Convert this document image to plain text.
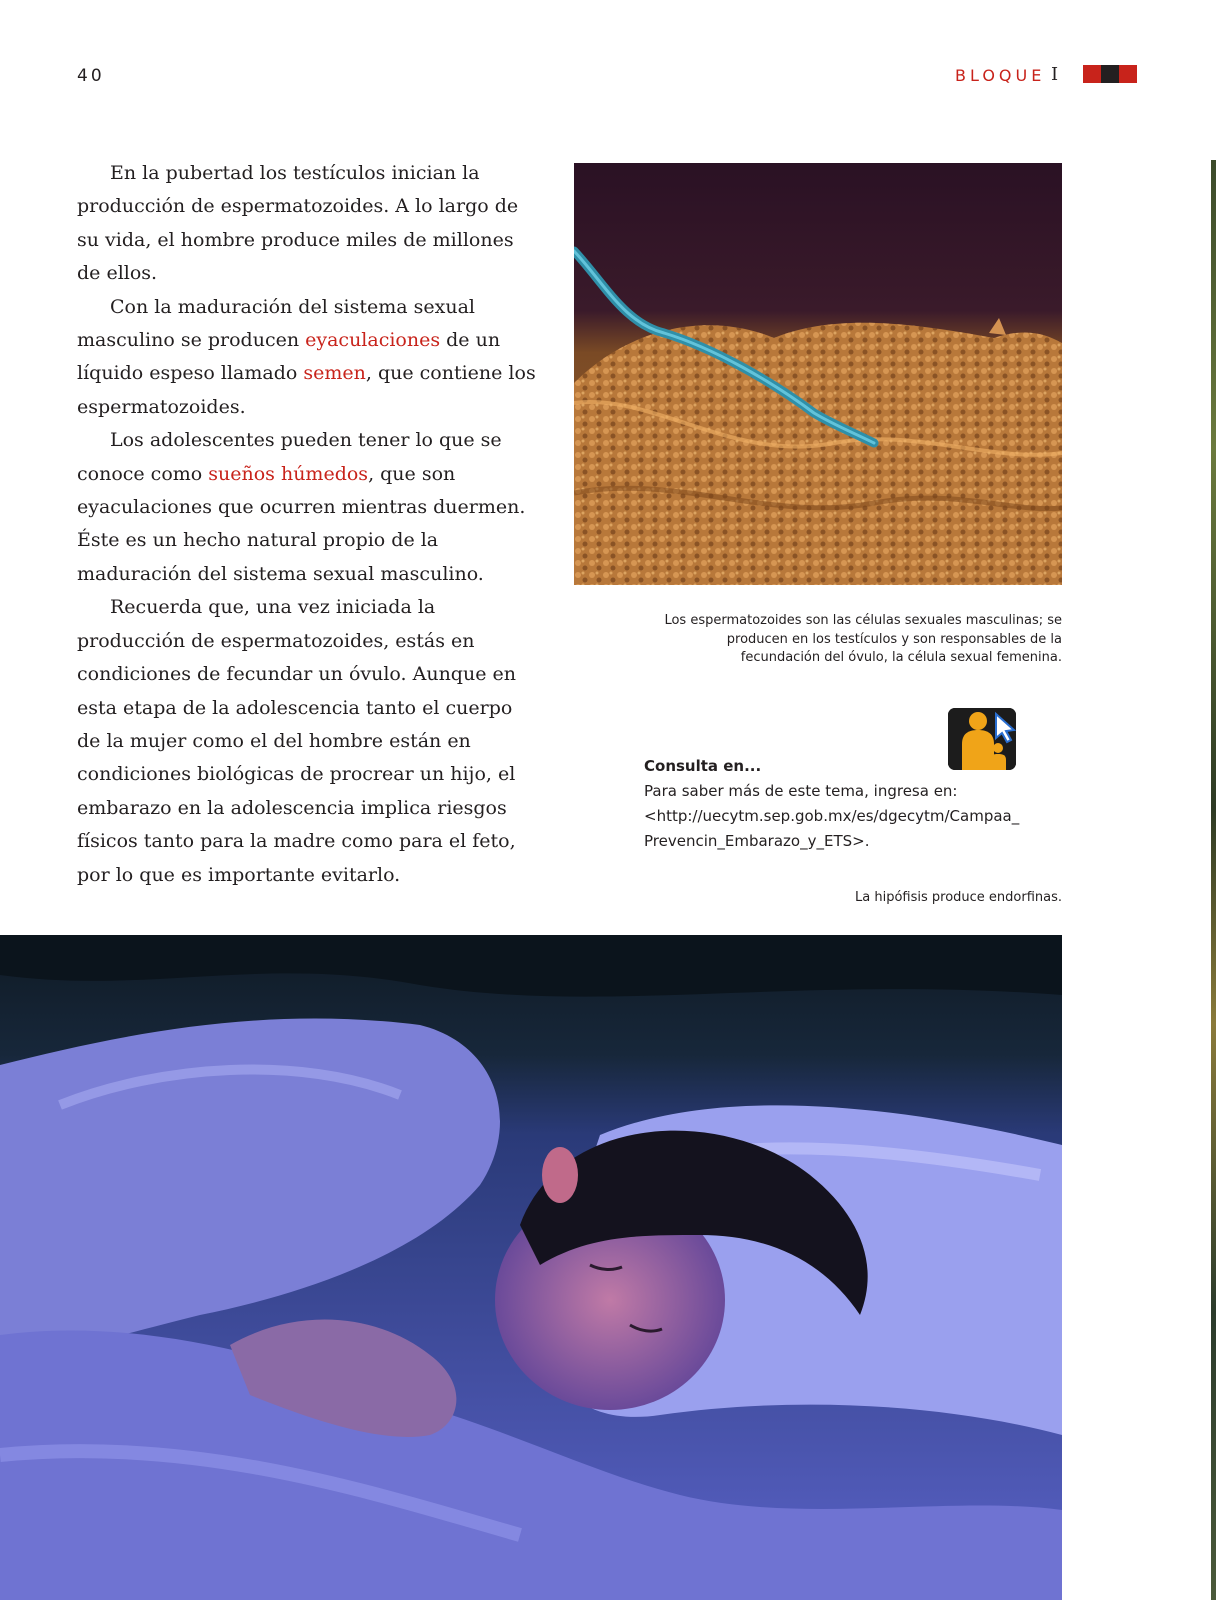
40	BLOQUE I

En la pubertad los testículos inician la producción de espermatozoides. A lo largo de su vida, el hombre produce miles de millones de ellos.

Con la maduración del sistema sexual masculino se producen eyaculaciones de un líquido espeso llamado semen, que contiene los espermatozoides.

Los adolescentes pueden tener lo que se conoce como sueños húmedos, que son eyaculaciones que ocurren mientras duermen. Éste es un hecho natural propio de la maduración del sistema sexual masculino.

Recuerda que, una vez iniciada la producción de espermatozoides, estás en condiciones de fecundar un óvulo. Aunque en esta etapa de la adolescencia tanto el cuerpo de la mujer como el del hombre están en condiciones biológicas de procrear un hijo, el embarazo en la adolescencia implica riesgos físicos tanto para la madre como para el feto, por lo que es importante evitarlo.

Los espermatozoides son las células sexuales masculinas; se producen en los testículos y son responsables de la fecundación del óvulo, la célula sexual femenina.
Consulta en...
Para saber más de este tema, ingresa en:
<http://uecytm.sep.gob.mx/es/dgecytm/Campaa_
Prevencin_Embarazo_y_ETS>.
La hipófisis produce endorfinas.
